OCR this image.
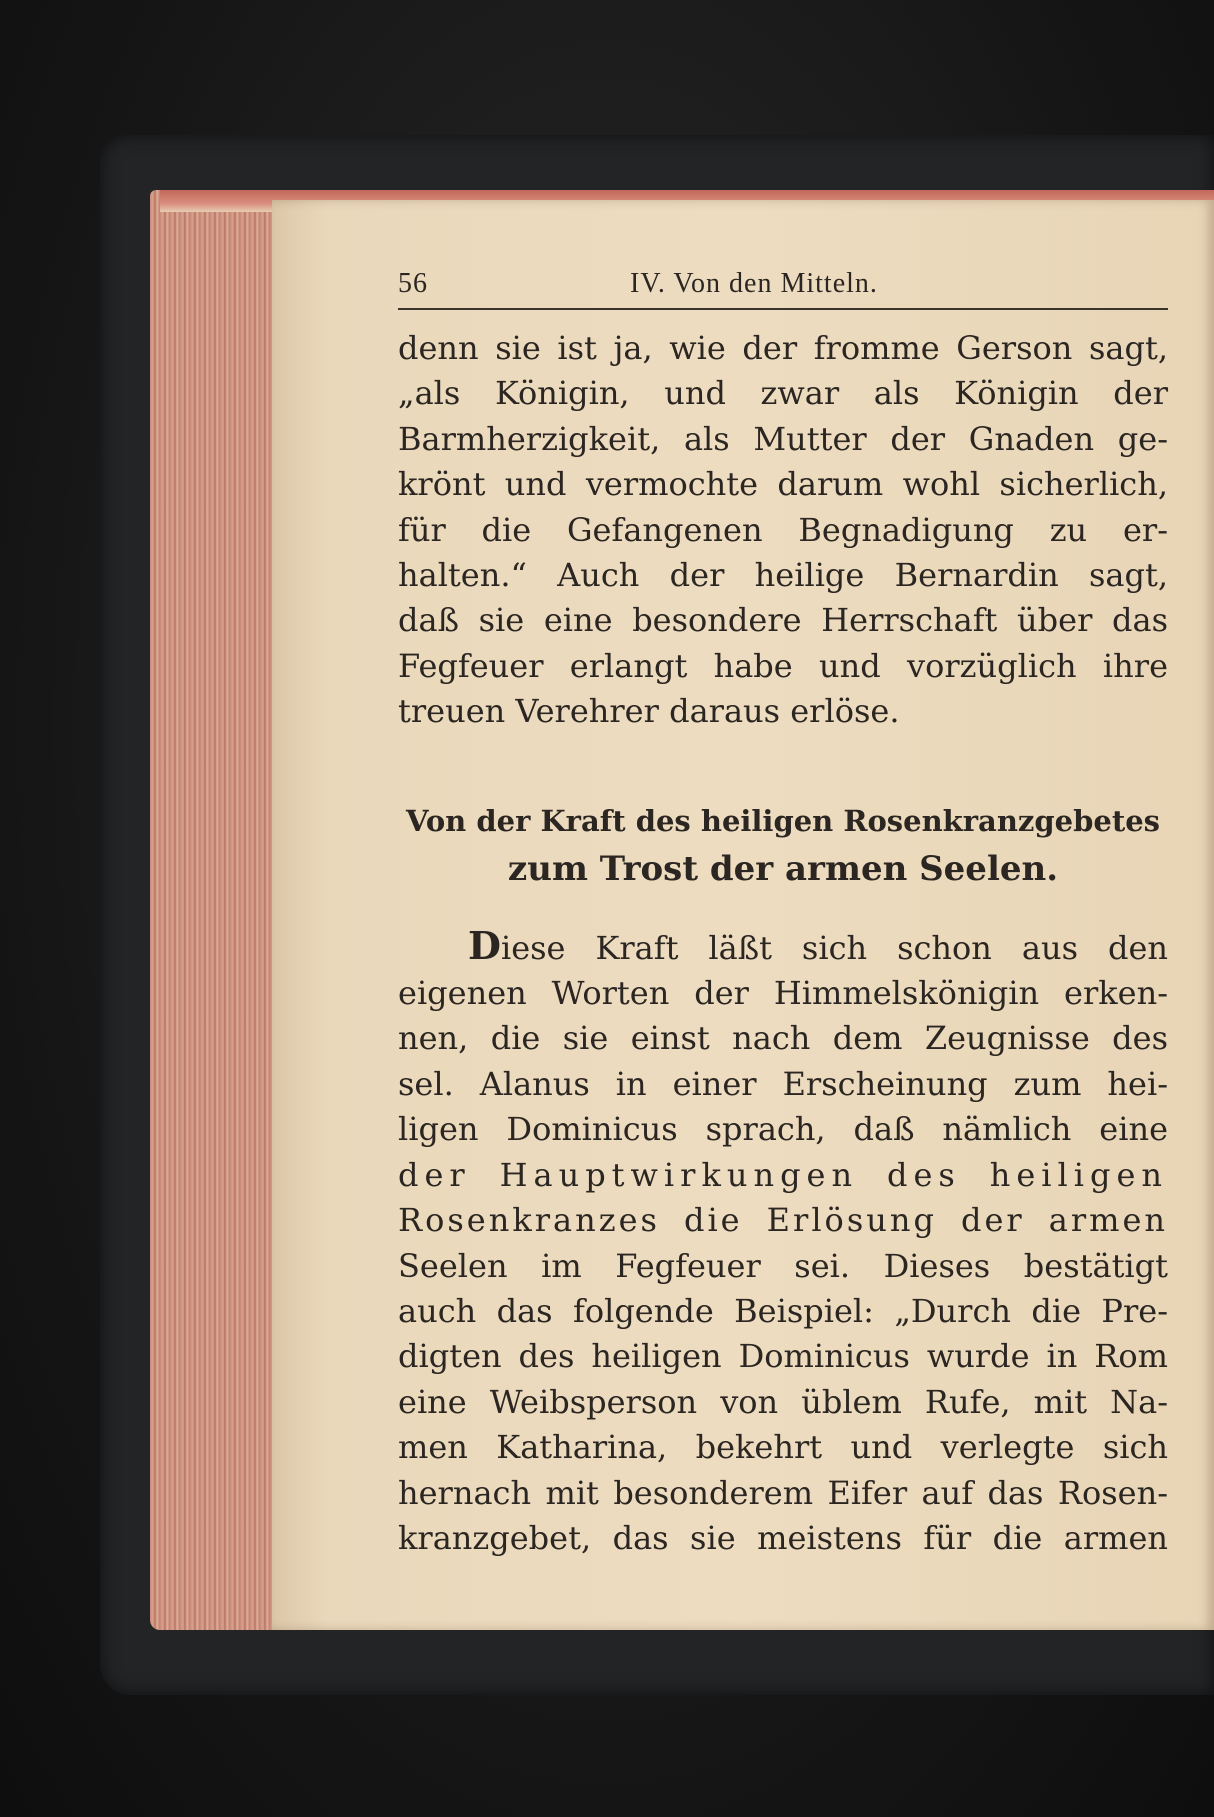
56	IV. Von den Mitteln.
denn sie ist ja, wie der fromme Gerson sagt,
„als Königin, und zwar als Königin der
Barmherzigkeit, als Mutter der Gnaden ge-
krönt und vermochte darum wohl sicherlich,
für die Gefangenen Begnadigung zu er-
halten.“ Auch der heilige Bernardin sagt,
daß sie eine besondere Herrschaft über das
Fegfeuer erlangt habe und vorzüglich ihre
treuen Verehrer daraus erlöse.
Von der Kraft des heiligen Rosenkranzgebetes
zum Trost der armen Seelen.
Diese Kraft läßt sich schon aus den
eigenen Worten der Himmelskönigin erken-
nen, die sie einst nach dem Zeugnisse des
sel. Alanus in einer Erscheinung zum hei-
ligen Dominicus sprach, daß nämlich eine
der Hauptwirkungen des heiligen
Rosenkranzes die Erlösung der armen
Seelen im Fegfeuer sei. Dieses bestätigt
auch das folgende Beispiel: „Durch die Pre-
digten des heiligen Dominicus wurde in Rom
eine Weibsperson von üblem Rufe, mit Na-
men Katharina, bekehrt und verlegte sich
hernach mit besonderem Eifer auf das Rosen-
kranzgebet, das sie meistens für die armen
